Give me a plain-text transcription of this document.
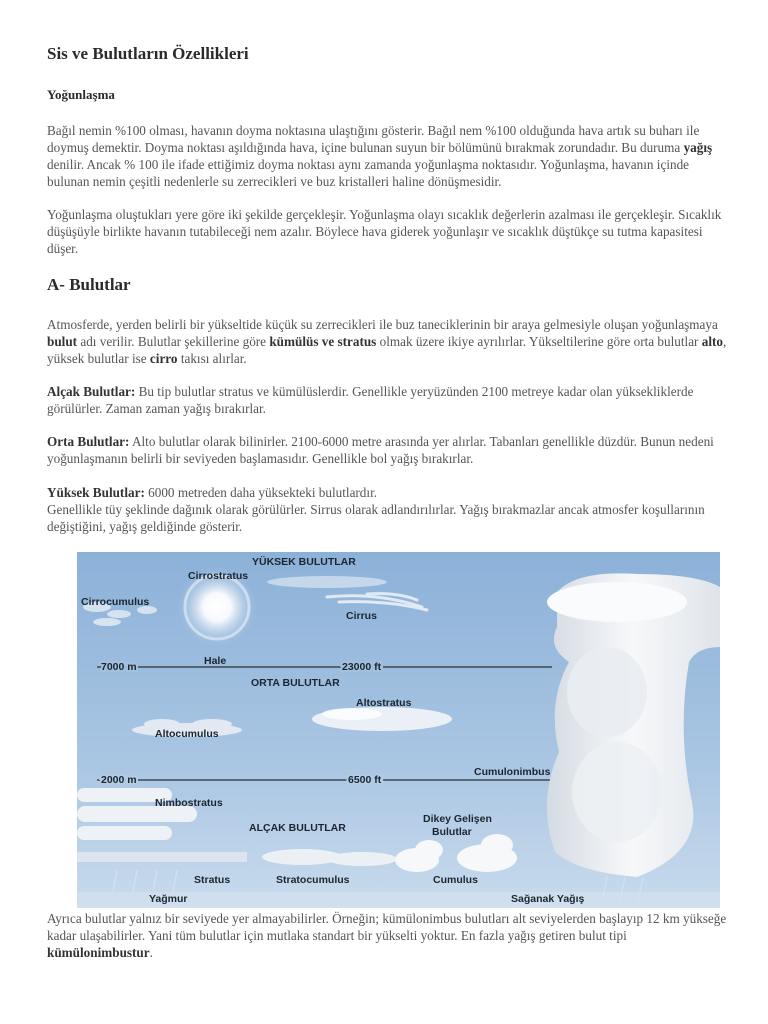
Sis ve Bulutların Özellikleri
Yoğunlaşma

Bağıl nemin %100 olması, havanın doyma noktasına ulaştığını gösterir. Bağıl nem %100 olduğunda hava artık su buharı ile doymuş demektir. Doyma noktası aşıldığında hava, içine bulunan suyun bir bölümünü bırakmak zorundadır. Bu duruma yağış denilir. Ancak % 100 ile ifade ettiğimiz doyma noktası aynı zamanda yoğunlaşma noktasıdır. Yoğunlaşma, havanın içinde bulunan nemin çeşitli nedenlerle su zerrecikleri ve buz kristalleri haline dönüşmesidir.

Yoğunlaşma oluştukları yere göre iki şekilde gerçekleşir. Yoğunlaşma olayı sıcaklık değerlerin azalması ile gerçekleşir. Sıcaklık düşüşüyle birlikte havanın tutabileceği nem azalır. Böylece hava giderek yoğunlaşır ve sıcaklık düştükçe su tutma kapasitesi düşer.

A- Bulutlar

Atmosferde, yerden belirli bir yükseltide küçük su zerrecikleri ile buz taneciklerinin bir araya gelmesiyle oluşan yoğunlaşmaya bulut adı verilir. Bulutlar şekillerine göre kümülüs ve stratus olmak üzere ikiye ayrılırlar. Yükseltilerine göre orta bulutlar alto, yüksek bulutlar ise cirro takısı alırlar.

Alçak Bulutlar: Bu tip bulutlar stratus ve kümülüslerdir. Genellikle yeryüzünden 2100 metreye kadar olan yüksekliklerde görülürler. Zaman zaman yağış bırakırlar.

Orta Bulutlar: Alto bulutlar olarak bilinirler. 2100-6000 metre arasında yer alırlar. Tabanları genellikle düzdür. Bunun nedeni yoğunlaşmanın belirli bir seviyeden başlamasıdır. Genellikle bol yağış bırakırlar.

Yüksek Bulutlar: 6000 metreden daha yüksekteki bulutlardır.

Genellikle tüy şeklinde dağınık olarak görülürler. Sirrus olarak adlandırılırlar. Yağış bırakmazlar ancak atmosfer koşullarının değiştiğini, yağış geldiğinde gösterir.

YÜKSEK BULUTLAR
Cirrostratus
Cirrocumulus
Cirrus
Hale
7000 m	23000 ft
ORTA BULUTLAR
Altostratus
Altocumulus
2000 m	6500 ft
Cumulonimbus
Nimbostratus
Dikey Gelişen
Bulutlar
ALÇAK BULUTLAR
Stratus	Stratocumulus	Cumulus
Yağmur	Sağanak Yağış

Ayrıca bulutlar yalnız bir seviyede yer almayabilirler. Örneğin; kümülonimbus bulutları alt seviyelerden başlayıp 12 km yükseğe kadar ulaşabilirler. Yani tüm bulutlar için mutlaka standart bir yükselti yoktur. En fazla yağış getiren bulut tipi kümülonimbustur.
